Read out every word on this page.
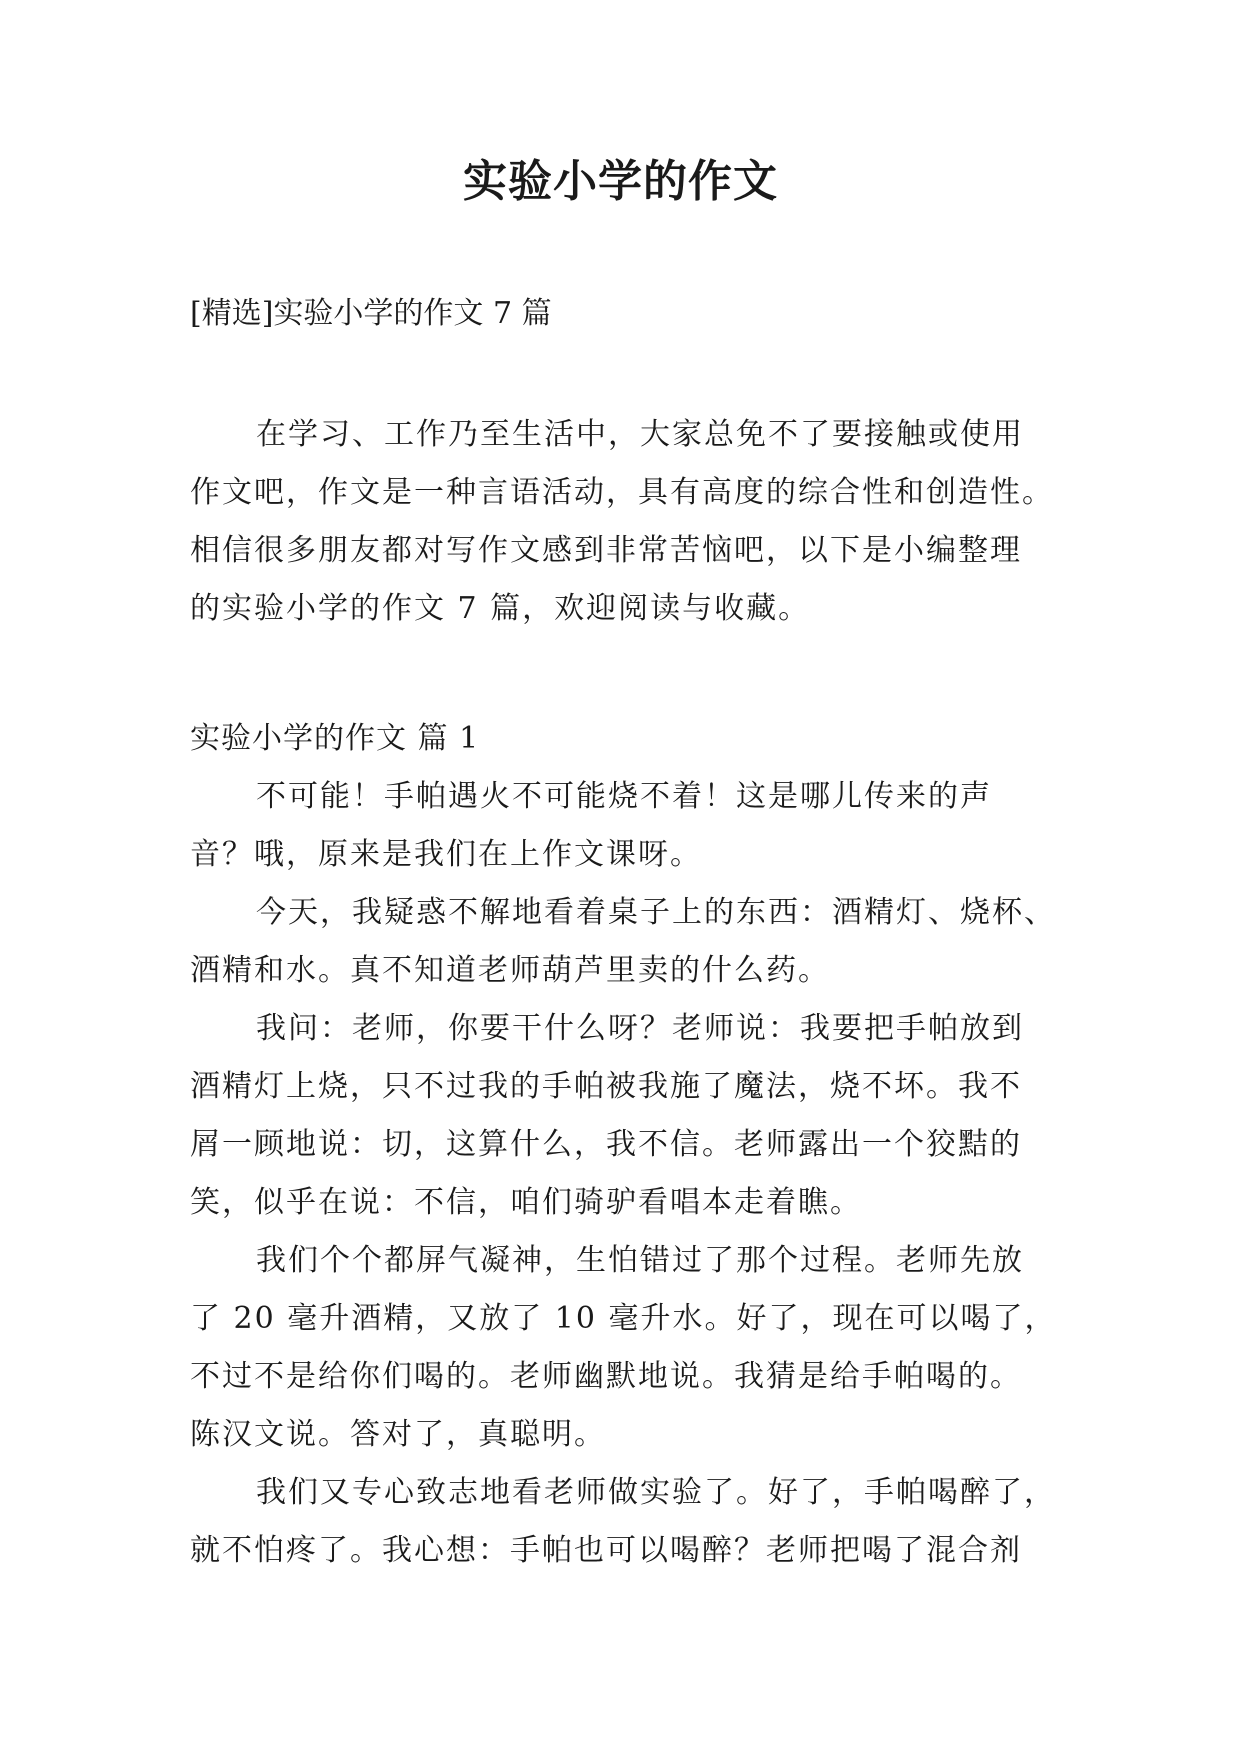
实验小学的作文
[精选]实验小学的作文 7 篇
在学习、工作乃至生活中，大家总免不了要接触或使用
作文吧，作文是一种言语活动，具有高度的综合性和创造性。
相信很多朋友都对写作文感到非常苦恼吧，以下是小编整理
的实验小学的作文 7 篇，欢迎阅读与收藏。
实验小学的作文 篇 1
不可能！手帕遇火不可能烧不着！这是哪儿传来的声
音？哦，原来是我们在上作文课呀。
今天，我疑惑不解地看着桌子上的东西：酒精灯、烧杯、
酒精和水。真不知道老师葫芦里卖的什么药。
我问：老师，你要干什么呀？老师说：我要把手帕放到
酒精灯上烧，只不过我的手帕被我施了魔法，烧不坏。我不
屑一顾地说：切，这算什么，我不信。老师露出一个狡黠的
笑，似乎在说：不信，咱们骑驴看唱本走着瞧。
我们个个都屏气凝神，生怕错过了那个过程。老师先放
了 20 毫升酒精，又放了 10 毫升水。好了，现在可以喝了，
不过不是给你们喝的。老师幽默地说。我猜是给手帕喝的。
陈汉文说。答对了，真聪明。
我们又专心致志地看老师做实验了。好了，手帕喝醉了，
就不怕疼了。我心想：手帕也可以喝醉？老师把喝了混合剂
